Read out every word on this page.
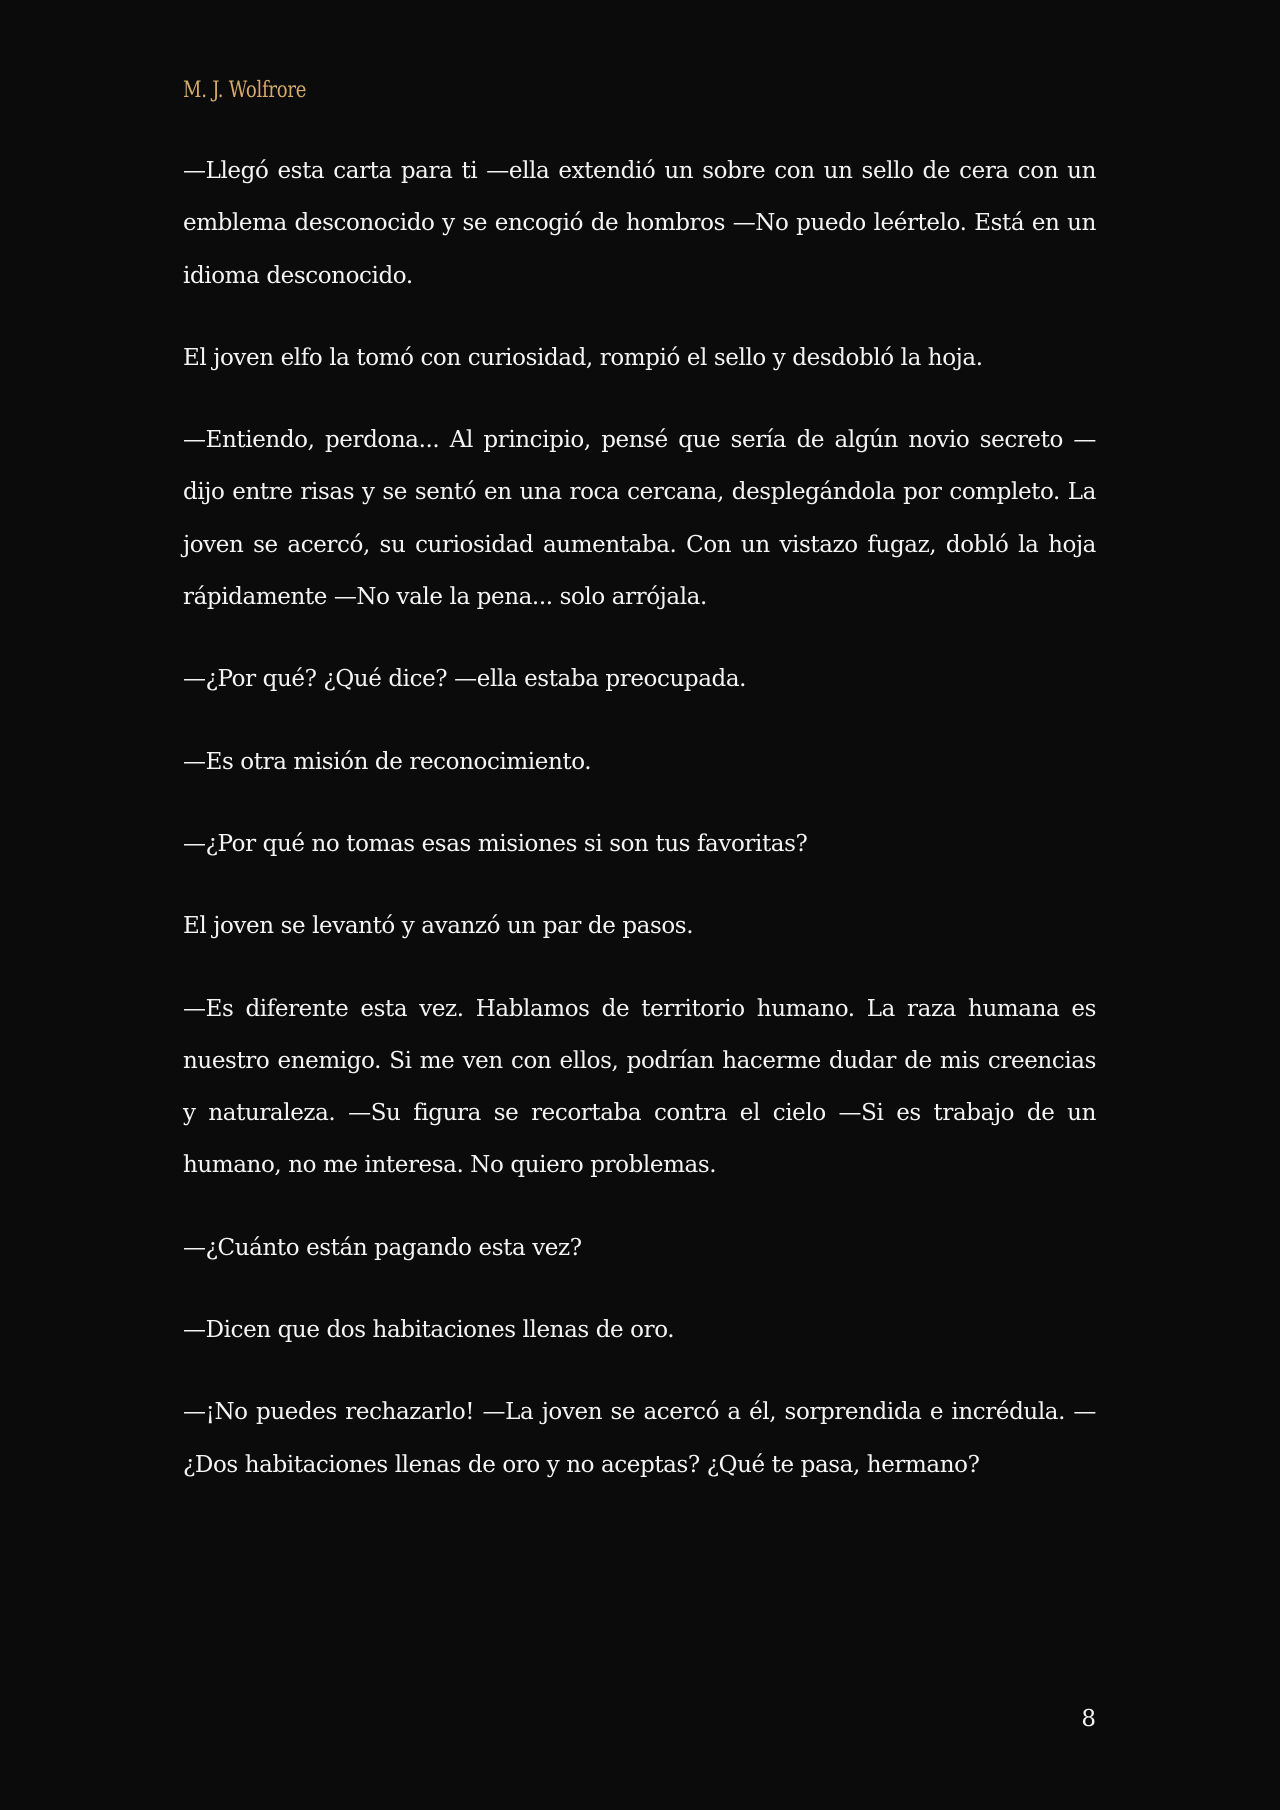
M. J. Wolfrore

—Llegó esta carta para ti —ella extendió un sobre con un sello de cera con un emblema desconocido y se encogió de hombros —No puedo leértelo. Está en un idioma desconocido.

El joven elfo la tomó con curiosidad, rompió el sello y desdobló la hoja.

—Entiendo, perdona... Al principio, pensé que sería de algún novio secreto —dijo entre risas y se sentó en una roca cercana, desplegándola por completo. La joven se acercó, su curiosidad aumentaba. Con un vistazo fugaz, dobló la hoja rápidamente —No vale la pena... solo arrójala.

—¿Por qué? ¿Qué dice? —ella estaba preocupada.

—Es otra misión de reconocimiento.

—¿Por qué no tomas esas misiones si son tus favoritas?

El joven se levantó y avanzó un par de pasos.

—Es diferente esta vez. Hablamos de territorio humano. La raza humana es nuestro enemigo. Si me ven con ellos, podrían hacerme dudar de mis creencias y naturaleza. —Su figura se recortaba contra el cielo —Si es trabajo de un humano, no me interesa. No quiero problemas.

—¿Cuánto están pagando esta vez?

—Dicen que dos habitaciones llenas de oro.

—¡No puedes rechazarlo! —La joven se acercó a él, sorprendida e incrédula. —¿Dos habitaciones llenas de oro y no aceptas? ¿Qué te pasa, hermano?

8
